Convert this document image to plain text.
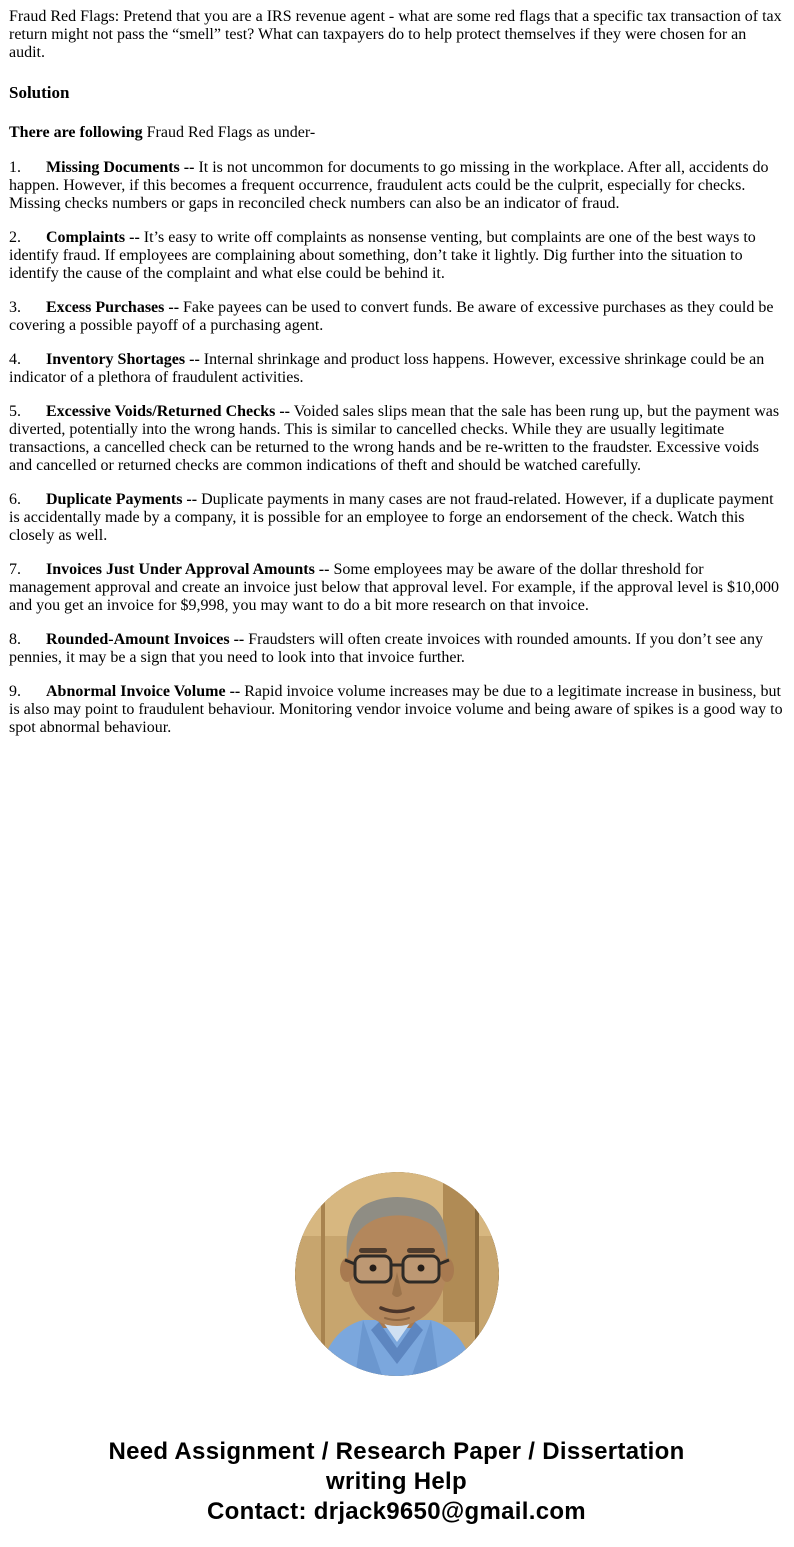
Fraud Red Flags: Pretend that you are a IRS revenue agent - what are some red flags that a specific tax transaction of tax return might not pass the “smell” test? What can taxpayers do to help protect themselves if they were chosen for an audit.

Solution

There are following Fraud Red Flags as under-

1. Missing Documents -- It is not uncommon for documents to go missing in the workplace. After all, accidents do happen. However, if this becomes a frequent occurrence, fraudulent acts could be the culprit, especially for checks. Missing checks numbers or gaps in reconciled check numbers can also be an indicator of fraud.

2. Complaints -- It’s easy to write off complaints as nonsense venting, but complaints are one of the best ways to identify fraud. If employees are complaining about something, don’t take it lightly. Dig further into the situation to identify the cause of the complaint and what else could be behind it.

3. Excess Purchases -- Fake payees can be used to convert funds. Be aware of excessive purchases as they could be covering a possible payoff of a purchasing agent.

4. Inventory Shortages -- Internal shrinkage and product loss happens. However, excessive shrinkage could be an indicator of a plethora of fraudulent activities.

5. Excessive Voids/Returned Checks -- Voided sales slips mean that the sale has been rung up, but the payment was diverted, potentially into the wrong hands. This is similar to cancelled checks. While they are usually legitimate transactions, a cancelled check can be returned to the wrong hands and be re-written to the fraudster. Excessive voids and cancelled or returned checks are common indications of theft and should be watched carefully.

6. Duplicate Payments -- Duplicate payments in many cases are not fraud-related. However, if a duplicate payment is accidentally made by a company, it is possible for an employee to forge an endorsement of the check. Watch this closely as well.

7. Invoices Just Under Approval Amounts -- Some employees may be aware of the dollar threshold for management approval and create an invoice just below that approval level. For example, if the approval level is $10,000 and you get an invoice for $9,998, you may want to do a bit more research on that invoice.

8. Rounded-Amount Invoices -- Fraudsters will often create invoices with rounded amounts. If you don’t see any pennies, it may be a sign that you need to look into that invoice further.

9. Abnormal Invoice Volume -- Rapid invoice volume increases may be due to a legitimate increase in business, but is also may point to fraudulent behaviour. Monitoring vendor invoice volume and being aware of spikes is a good way to spot abnormal behaviour.

Need Assignment / Research Paper / Dissertation
writing Help
Contact: drjack9650@gmail.com
